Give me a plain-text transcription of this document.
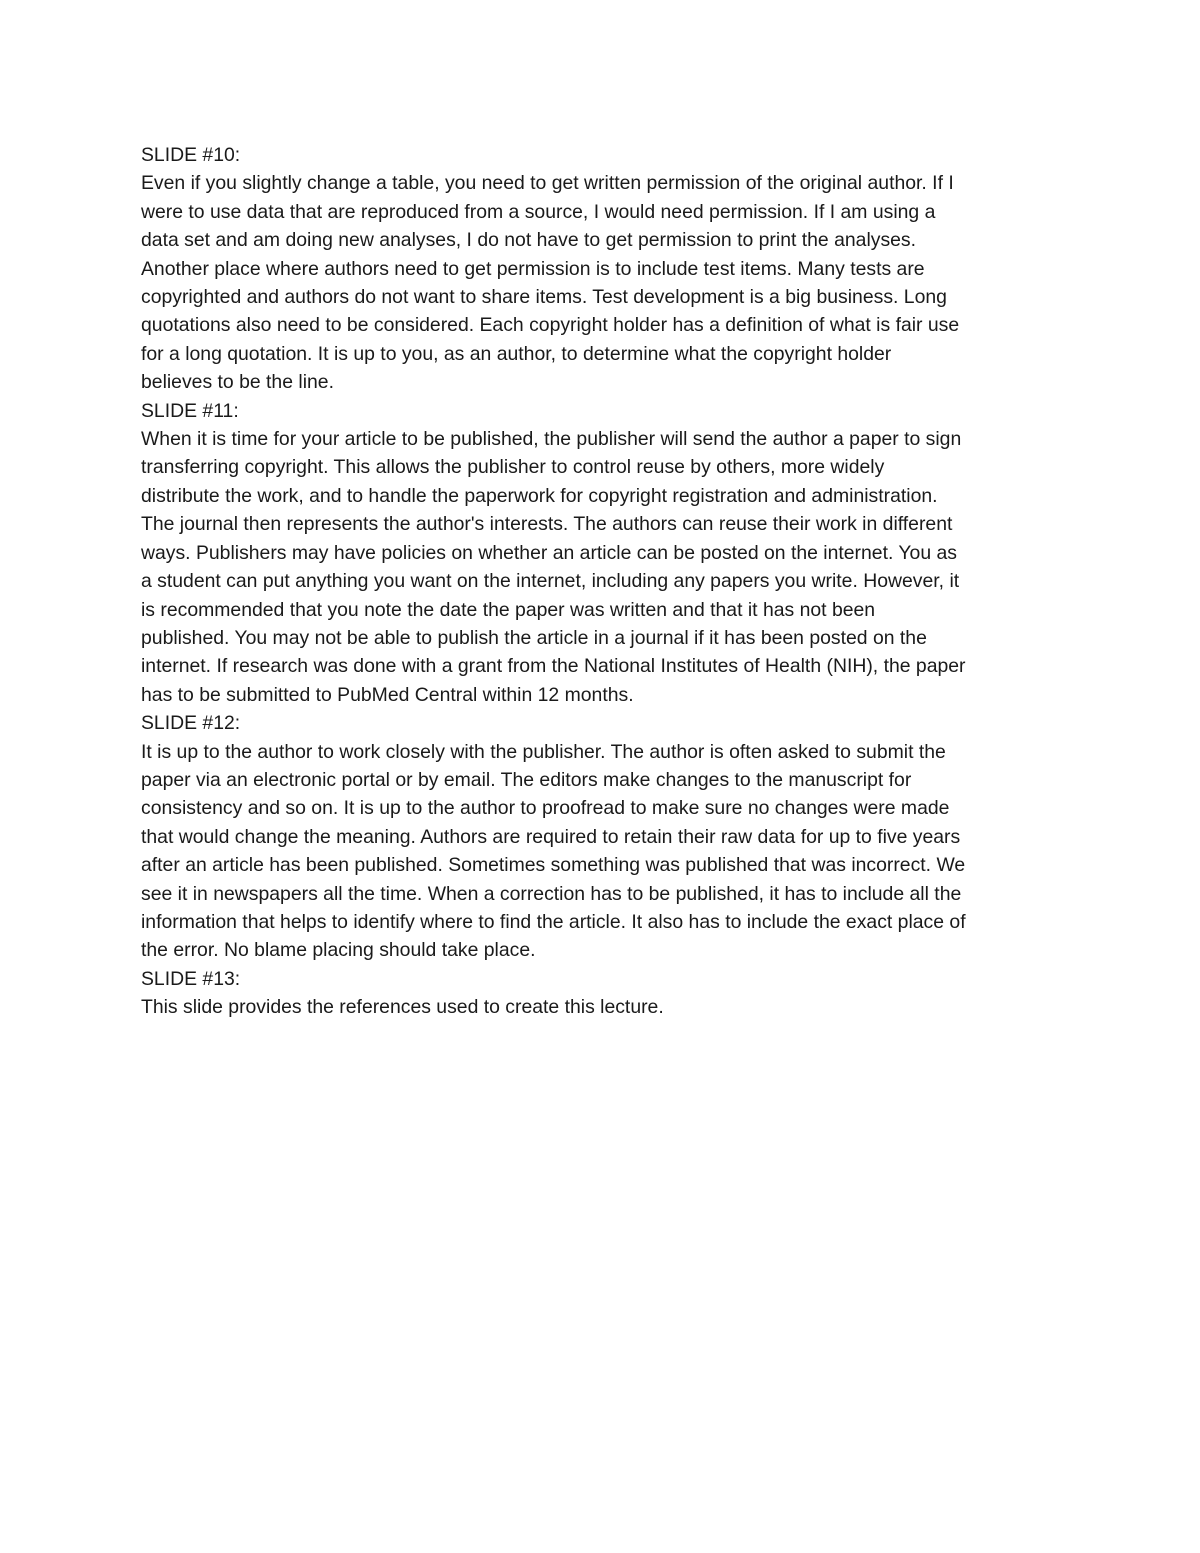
SLIDE #10:
Even if you slightly change a table, you need to get written permission of the original author. If I
were to use data that are reproduced from a source, I would need permission. If I am using a
data set and am doing new analyses, I do not have to get permission to print the analyses.
Another place where authors need to get permission is to include test items. Many tests are
copyrighted and authors do not want to share items. Test development is a big business. Long
quotations also need to be considered. Each copyright holder has a definition of what is fair use
for a long quotation. It is up to you, as an author, to determine what the copyright holder
believes to be the line.
SLIDE #11:
When it is time for your article to be published, the publisher will send the author a paper to sign
transferring copyright. This allows the publisher to control reuse by others, more widely
distribute the work, and to handle the paperwork for copyright registration and administration.
The journal then represents the author's interests. The authors can reuse their work in different
ways. Publishers may have policies on whether an article can be posted on the internet. You as
a student can put anything you want on the internet, including any papers you write. However, it
is recommended that you note the date the paper was written and that it has not been
published. You may not be able to publish the article in a journal if it has been posted on the
internet. If research was done with a grant from the National Institutes of Health (NIH), the paper
has to be submitted to PubMed Central within 12 months.
SLIDE #12:
It is up to the author to work closely with the publisher. The author is often asked to submit the
paper via an electronic portal or by email. The editors make changes to the manuscript for
consistency and so on. It is up to the author to proofread to make sure no changes were made
that would change the meaning. Authors are required to retain their raw data for up to five years
after an article has been published. Sometimes something was published that was incorrect. We
see it in newspapers all the time. When a correction has to be published, it has to include all the
information that helps to identify where to find the article. It also has to include the exact place of
the error. No blame placing should take place.
SLIDE #13:
This slide provides the references used to create this lecture.
